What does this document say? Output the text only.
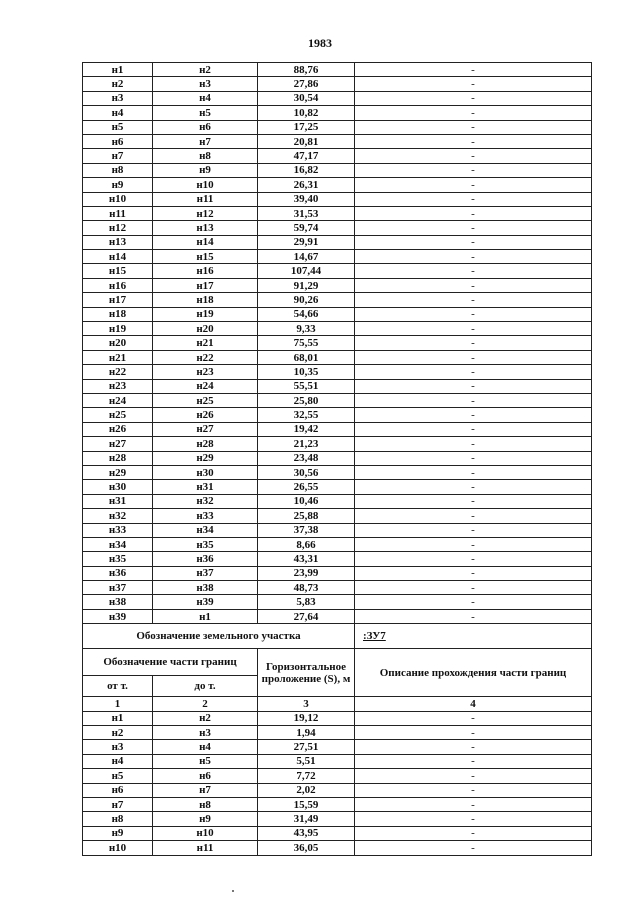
1983
н1	н2	88,76	-
н2	н3	27,86	-
н3	н4	30,54	-
н4	н5	10,82	-
н5	н6	17,25	-
н6	н7	20,81	-
н7	н8	47,17	-
н8	н9	16,82	-
н9	н10	26,31	-
н10	н11	39,40	-
н11	н12	31,53	-
н12	н13	59,74	-
н13	н14	29,91	-
н14	н15	14,67	-
н15	н16	107,44	-
н16	н17	91,29	-
н17	н18	90,26	-
н18	н19	54,66	-
н19	н20	9,33	-
н20	н21	75,55	-
н21	н22	68,01	-
н22	н23	10,35	-
н23	н24	55,51	-
н24	н25	25,80	-
н25	н26	32,55	-
н26	н27	19,42	-
н27	н28	21,23	-
н28	н29	23,48	-
н29	н30	30,56	-
н30	н31	26,55	-
н31	н32	10,46	-
н32	н33	25,88	-
н33	н34	37,38	-
н34	н35	8,66	-
н35	н36	43,31	-
н36	н37	23,99	-
н37	н38	48,73	-
н38	н39	5,83	-
н39	н1	27,64	-
Обозначение земельного участка			:ЗУ7
Обозначение части границ		Горизонтальное проложение (S), м	Описание прохождения части границ
от т.	до т.		
1	2	3	4
н1	н2	19,12	-
н2	н3	1,94	-
н3	н4	27,51	-
н4	н5	5,51	-
н5	н6	7,72	-
н6	н7	2,02	-
н7	н8	15,59	-
н8	н9	31,49	-
н9	н10	43,95	-
н10	н11	36,05	-
